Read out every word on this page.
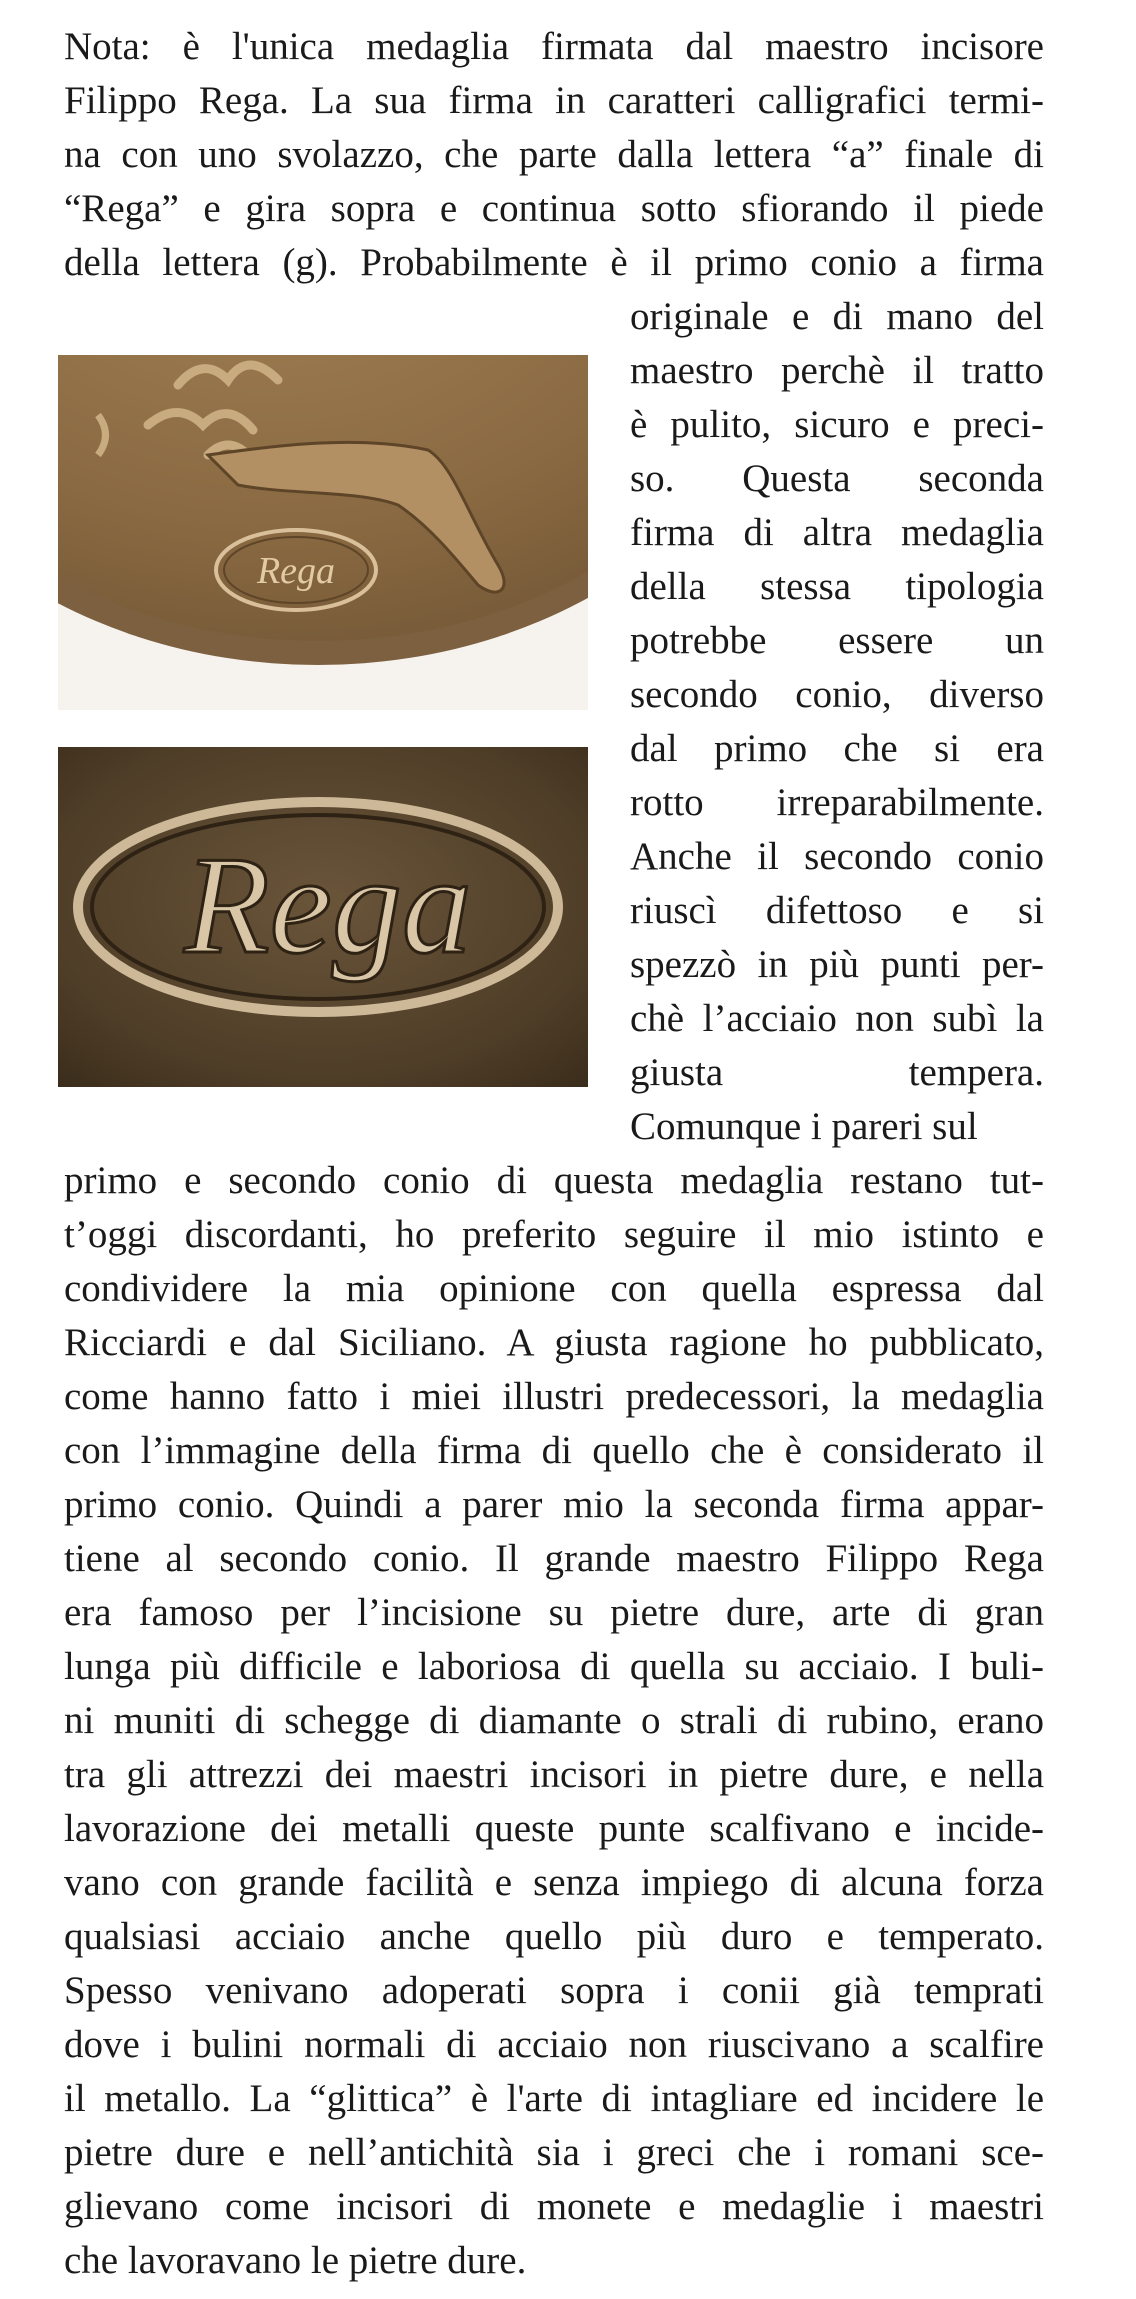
Nota: è l'unica medaglia firmata dal maestro incisore
Filippo Rega. La sua firma in caratteri calligrafici termi-
na con uno svolazzo, che parte dalla lettera “a” finale di
“Rega” e gira sopra e continua sotto sfiorando il piede
della lettera (g). Probabilmente è il primo conio a firma
originale e di mano del
maestro perchè il tratto
è pulito, sicuro e preci-
so. Questa seconda
firma di altra medaglia
della stessa tipologia
potrebbe essere un
secondo conio, diverso
dal primo che si era
rotto irreparabilmente.
Anche il secondo conio
riuscì difettoso e si
spezzò in più punti per-
chè l’acciaio non subì la
giusta tempera.
Comunque i pareri sul
Rega
Rega
primo e secondo conio di questa medaglia restano tut-
t’oggi discordanti, ho preferito seguire il mio istinto e
condividere la mia opinione con quella espressa dal
Ricciardi e dal Siciliano. A giusta ragione ho pubblicato,
come hanno fatto i miei illustri predecessori, la medaglia
con l’immagine della firma di quello che è considerato il
primo conio. Quindi a parer mio la seconda firma appar-
tiene al secondo conio. Il grande maestro Filippo Rega
era famoso per l’incisione su pietre dure, arte di gran
lunga più difficile e laboriosa di quella su acciaio. I buli-
ni muniti di schegge di diamante o strali di rubino, erano
tra gli attrezzi dei maestri incisori in pietre dure, e nella
lavorazione dei metalli queste punte scalfivano e incide-
vano con grande facilità e senza impiego di alcuna forza
qualsiasi acciaio anche quello più duro e temperato.
Spesso venivano adoperati sopra i conii già temprati
dove i bulini normali di acciaio non riuscivano a scalfire
il metallo. La “glittica” è l'arte di intagliare ed incidere le
pietre dure e nell’antichità sia i greci che i romani sce-
glievano come incisori di monete e medaglie i maestri
che lavoravano le pietre dure.
